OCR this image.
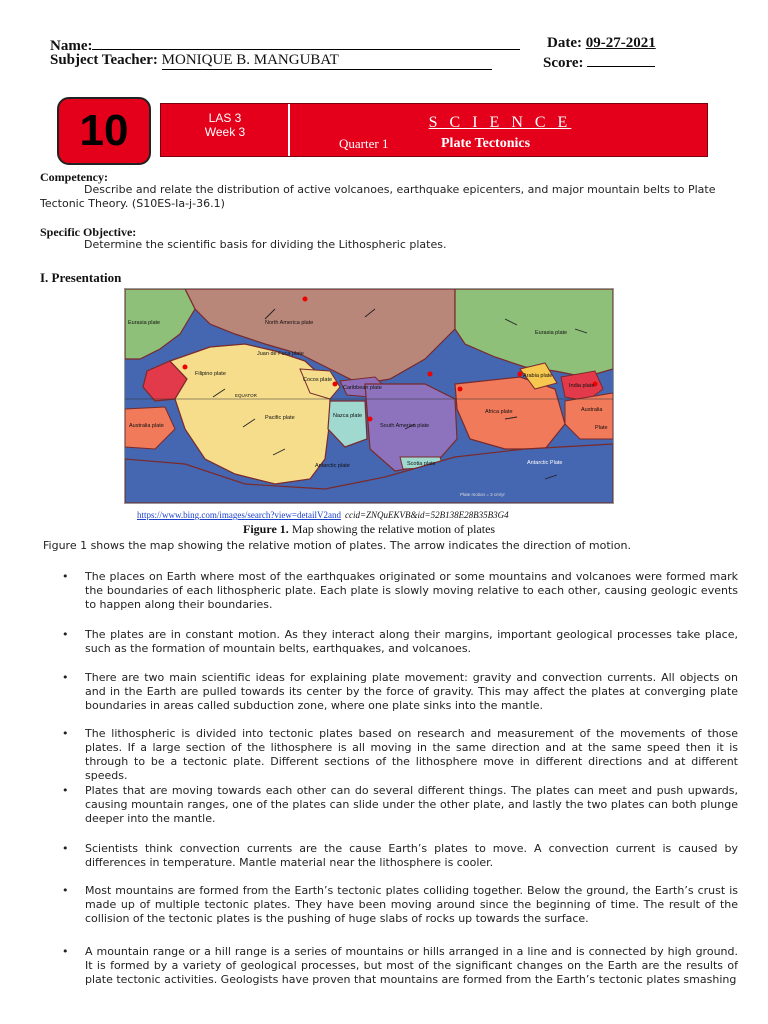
Name:	Date: 09-27-2021
Subject Teacher: MONIQUE B. MANGUBAT	Score:
10	LAS 3
Week 3
S C I E N C E
Quarter 1	Plate Tectonics
Competency:
Describe and relate the distribution of active volcanoes, earthquake epicenters, and major mountain belts to Plate Tectonic Theory. (S10ES-Ia-j-36.1)
Specific Objective:
Determine the scientific basis for dividing the Lithospheric plates.
I. Presentation
Eurasia plate	North America plate
Juan de Fuca plate
Filipino plate
Cocos plate
Pacific plate
EQUATOR
Caribbean plate
Nazca plate
South America plate
Scotia plate
Australia plate
Antarctic plate
Eurasia plate
Arabia plate
Africa plate
India plate
Australia
Antarctic Plate
Plate
Plate motion = 3 cm/yr
https://www.bing.com/images/search?view=detailV2and ccid=ZNQuEKVB&id=52B138E28B35B3G4
Figure 1. Map showing the relative motion of plates
Figure 1 shows the map showing the relative motion of plates. The arrow indicates the direction of motion.
• The places on Earth where most of the earthquakes originated or some mountains and volcanoes were formed mark the boundaries of each lithospheric plate. Each plate is slowly moving relative to each other, causing geologic events to happen along their boundaries.
• The plates are in constant motion. As they interact along their margins, important geological processes take place, such as the formation of mountain belts, earthquakes, and volcanoes.
• There are two main scientific ideas for explaining plate movement: gravity and convection currents. All objects on and in the Earth are pulled towards its center by the force of gravity. This may affect the plates at converging plate boundaries in areas called subduction zone, where one plate sinks into the mantle.
• The lithospheric is divided into tectonic plates based on research and measurement of the movements of those plates. If a large section of the lithosphere is all moving in the same direction and at the same speed then it is through to be a tectonic plate. Different sections of the lithosphere move in different directions and at different speeds.
• Plates that are moving towards each other can do several different things. The plates can meet and push upwards, causing mountain ranges, one of the plates can slide under the other plate, and lastly the two plates can both plunge deeper into the mantle.
• Scientists think convection currents are the cause Earth’s plates to move. A convection current is caused by differences in temperature. Mantle material near the lithosphere is cooler.
• Most mountains are formed from the Earth’s tectonic plates colliding together. Below the ground, the Earth’s crust is made up of multiple tectonic plates. They have been moving around since the beginning of time. The result of the collision of the tectonic plates is the pushing of huge slabs of rocks up towards the surface.
• A mountain range or a hill range is a series of mountains or hills arranged in a line and is connected by high ground. It is formed by a variety of geological processes, but most of the significant changes on the Earth are the results of plate tectonic activities. Geologists have proven that mountains are formed from the Earth’s tectonic plates smashing
